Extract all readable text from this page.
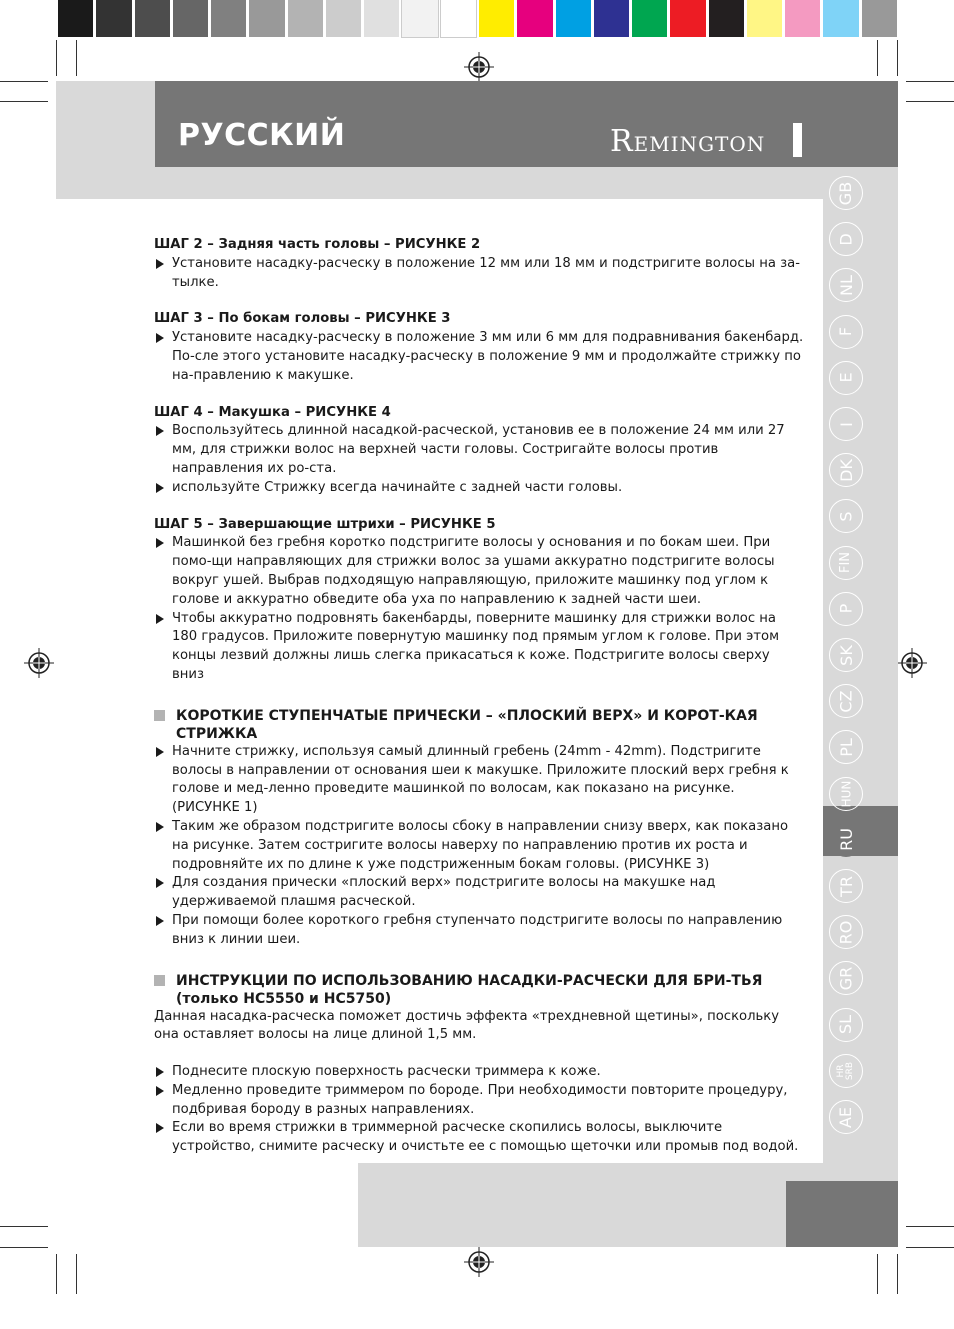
РУССКИЙ	REMINGTON
GB
D
NL
F
E
I
DK
S
FIN
P
SK
CZ
PL
HUN
RU
TR
RO
GR
SL
HR
SRB
AE
ШАГ 2 – Задняя часть головы – РИСУНКЕ 2
Установите насадку-расческу в положение 12 мм или 18 мм и подстригите волосы на за-тылке.
ШАГ 3 – По бокам головы – РИСУНКЕ 3
Установите насадку-расческу в положение 3 мм или 6 мм для подравнивания бакенбард. По-сле этого установите насадку-расческу в положение 9 мм и продолжайте стрижку по на-правлению к макушке.
ШАГ 4 – Макушка – РИСУНКЕ 4
Воспользуйтесь длинной насадкой-расческой, установив ее в положение 24 мм или 27 мм, для стрижки волос на верхней части головы. Состригайте волосы против направления их ро-ста.
используйте Стрижку всегда начинайте с задней части головы.
ШАГ 5 – Завершающие штрихи – РИСУНКЕ 5
Машинкой без гребня коротко подстригите волосы у основания и по бокам шеи. При помо-щи направляющих для стрижки волос за ушами аккуратно подстригите волосы вокруг ушей. Выбрав подходящую направляющую, приложите машинку под углом к голове и аккуратно обведите оба уха по направлению к задней части шеи.
Чтобы аккуратно подровнять бакенбарды, поверните машинку для стрижки волос на 180 градусов. Приложите повернутую машинку под прямым углом к голове. При этом концы лезвий должны лишь слегка прикасаться к коже. Подстригите волосы сверху вниз
КОРОТКИЕ СТУПЕНЧАТЫЕ ПРИЧЕСКИ – «ПЛОСКИЙ ВЕРХ» И КОРОТ-КАЯ СТРИЖКА
Начните стрижку, используя самый длинный гребень (24mm - 42mm). Подстригите волосы в направлении от основания шеи к макушке. Приложите плоский верх гребня к голове и мед-ленно проведите машинкой по волосам, как показано на рисунке. (РИСУНКЕ 1)
Таким же образом подстригите волосы сбоку в направлении снизу вверх, как показано на рисунке. Затем состригите волосы наверху по направлению против их роста и подровняйте их по длине к уже подстриженным бокам головы. (РИСУНКЕ 3)
Для создания прически «плоский верх» подстригите волосы на макушке над удерживаемой плашмя расческой.
При помощи более короткого гребня ступенчато подстригите волосы по направлению вниз к линии шеи.
ИНСТРУКЦИИ ПО ИСПОЛЬЗОВАНИЮ НАСАДКИ-РАСЧЕСКИ ДЛЯ БРИ-ТЬЯ (только HC5550 и HC5750)
Данная насадка-расческа поможет достичь эффекта «трехдневной щетины», поскольку она оставляет волосы на лице длиной 1,5 мм.
Поднесите плоскую поверхность расчески триммера к коже.
Медленно проведите триммером по бороде. При необходимости повторите процедуру, подбривая бороду в разных направлениях.
Если во время стрижки в триммерной расческе скопились волосы, выключите устройство, снимите расческу и очистьте ее с помощью щеточки или промыв под водой.
